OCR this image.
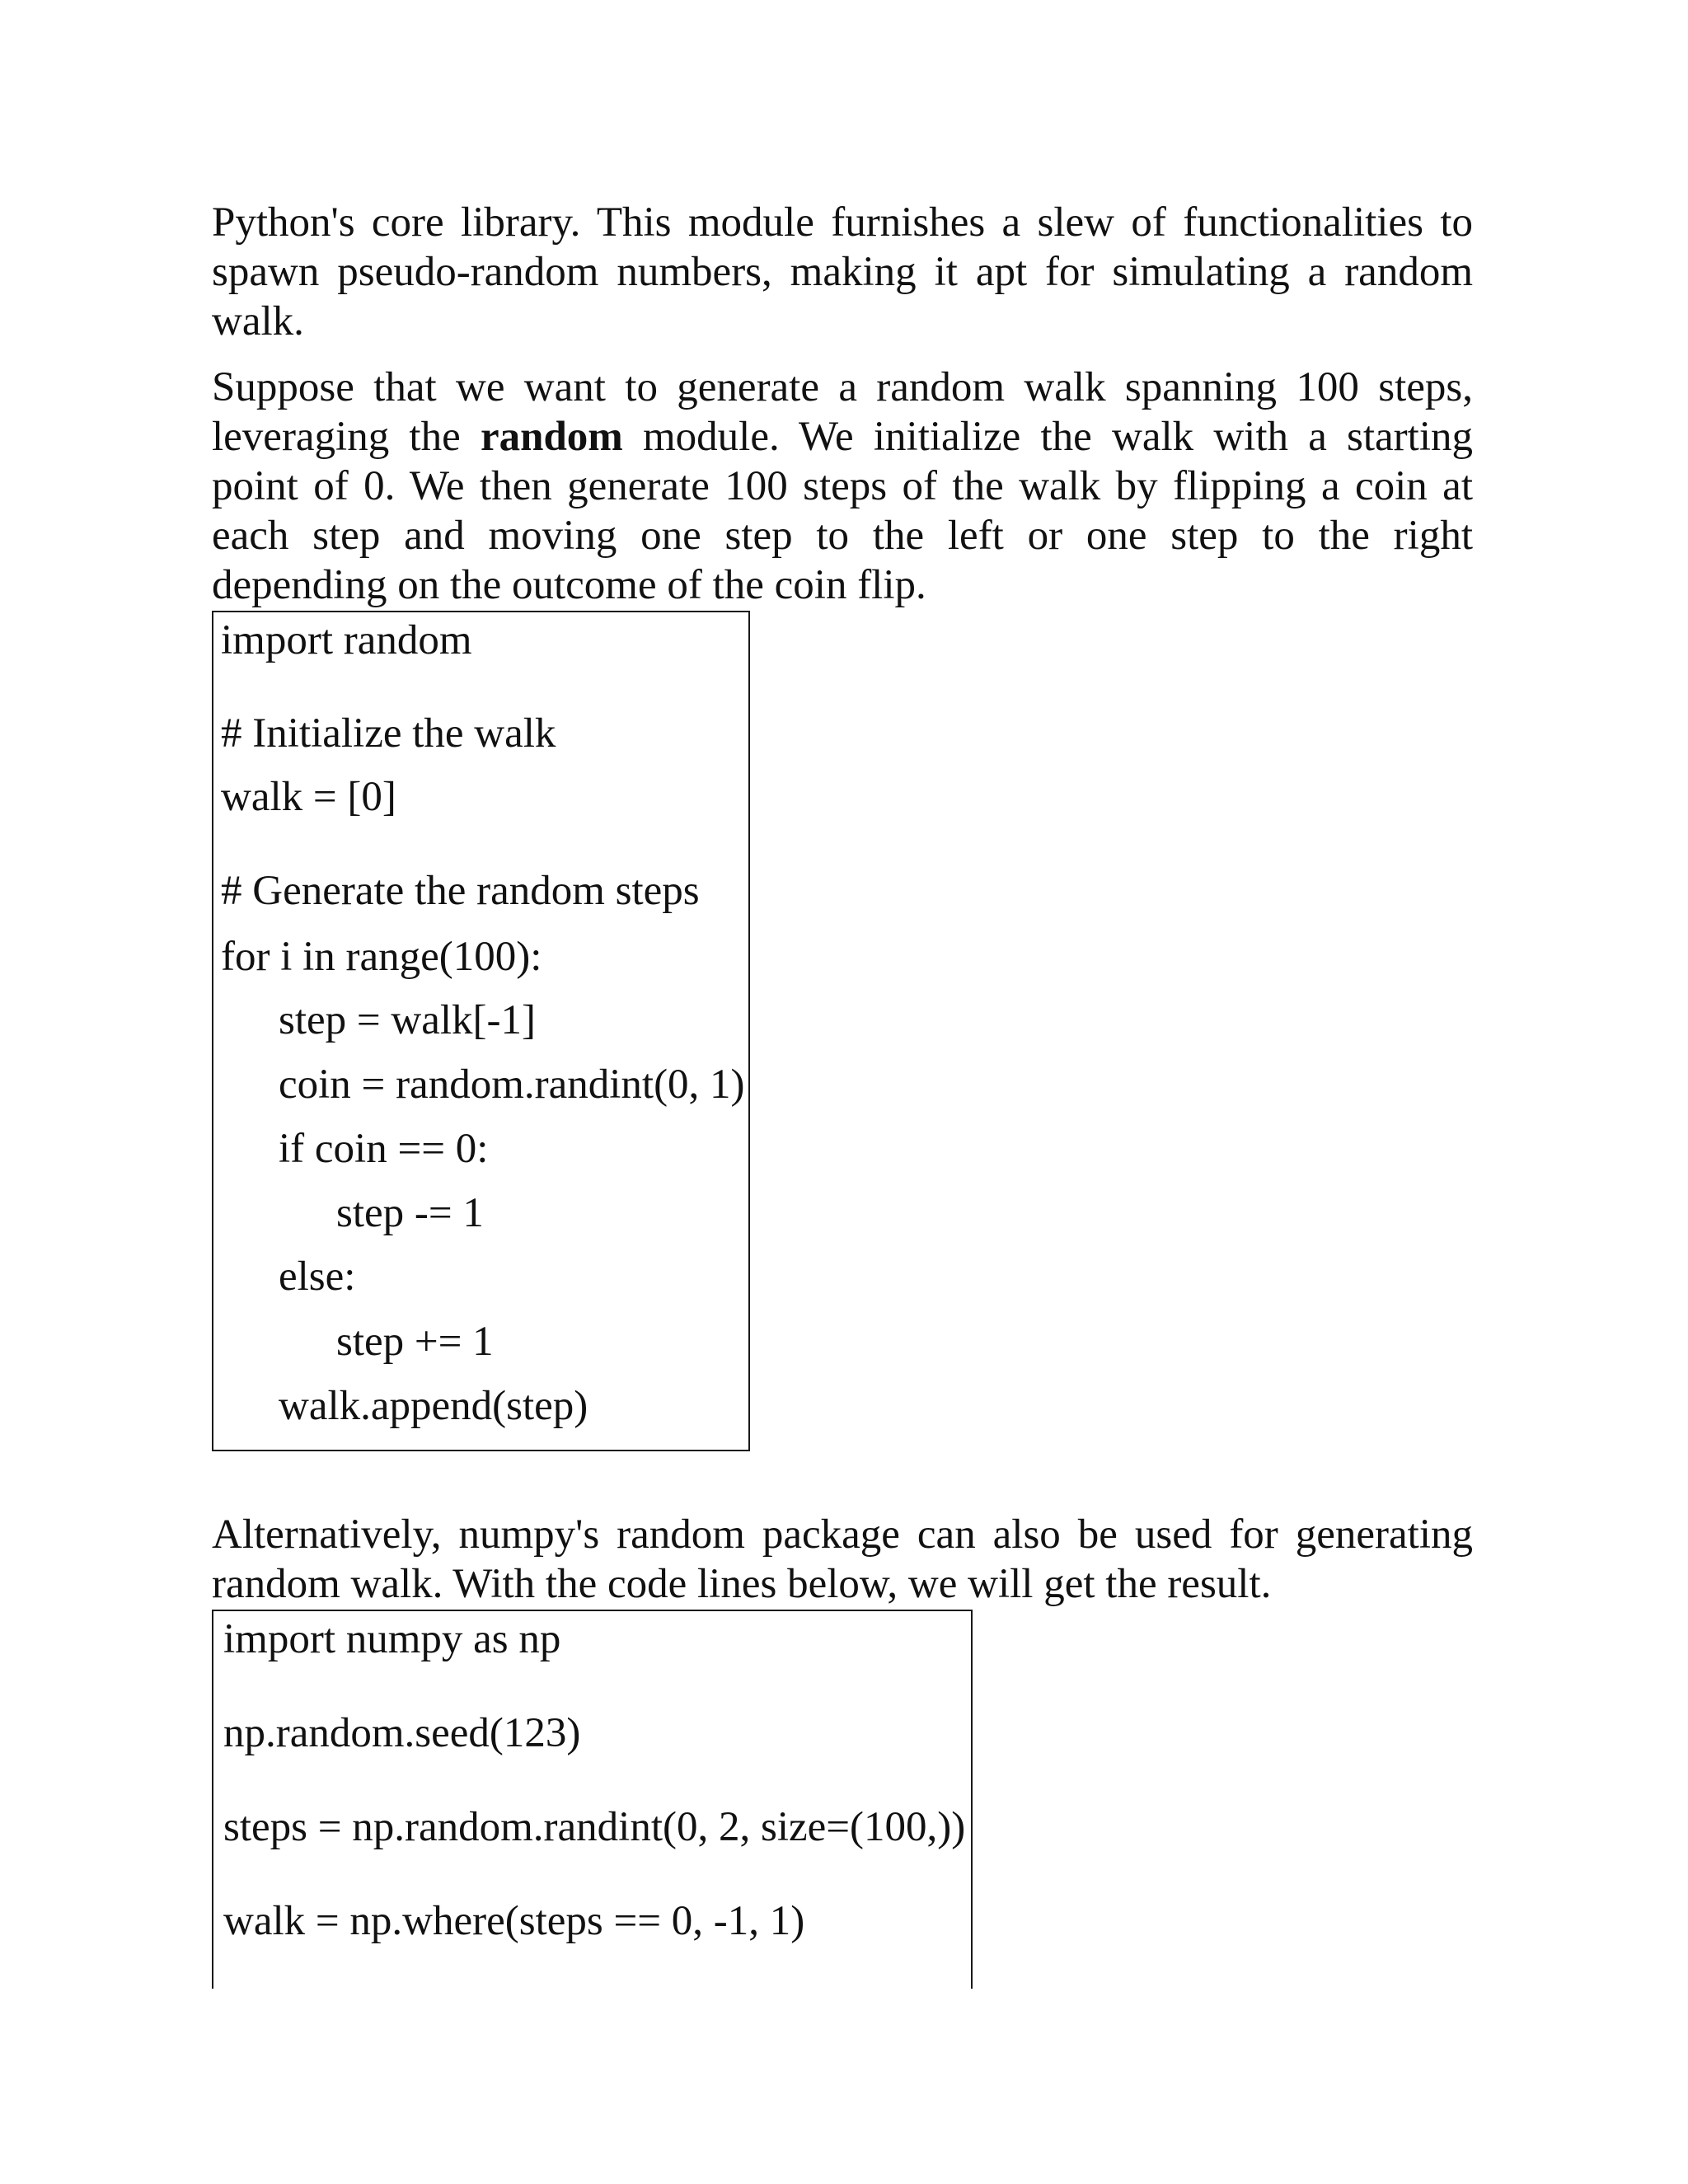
Python's core library. This module furnishes a slew of functionalities to spawn pseudo-random numbers, making it apt for simulating a random walk.

Suppose that we want to generate a random walk spanning 100 steps, leveraging the random module. We initialize the walk with a starting point of 0. We then generate 100 steps of the walk by flipping a coin at each step and moving one step to the left or one step to the right depending on the outcome of the coin flip.

import random
# Initialize the walk
walk = [0]
# Generate the random steps
for i in range(100):
step = walk[-1]
coin = random.randint(0, 1)
if coin == 0:
step -= 1
else:
step += 1
walk.append(step)

Alternatively, numpy's random package can also be used for generating random walk. With the code lines below, we will get the result.

import numpy as np
np.random.seed(123)
steps = np.random.randint(0, 2, size=(100,))
walk = np.where(steps == 0, -1, 1)
